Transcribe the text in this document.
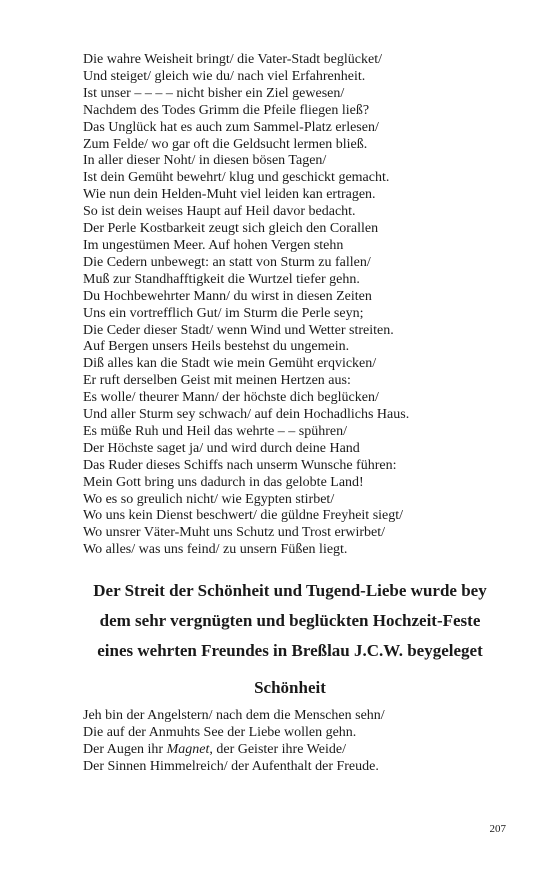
Die wahre Weisheit bringt/ die Vater-Stadt beglücket/
Und steiget/ gleich wie du/ nach viel Erfahrenheit.
Ist unser – – – – nicht bisher ein Ziel gewesen/
Nachdem des Todes Grimm die Pfeile fliegen ließ?
Das Unglück hat es auch zum Sammel-Platz erlesen/
Zum Felde/ wo gar oft die Geldsucht lermen bließ.
In aller dieser Noht/ in diesen bösen Tagen/
Ist dein Gemüht bewehrt/ klug und geschickt gemacht.
Wie nun dein Helden-Muht viel leiden kan ertragen.
So ist dein weises Haupt auf Heil davor bedacht.
Der Perle Kostbarkeit zeugt sich gleich den Corallen
Im ungestümen Meer. Auf hohen Vergen stehn
Die Cedern unbewegt: an statt von Sturm zu fallen/
Muß zur Standhafftigkeit die Wurtzel tiefer gehn.
Du Hochbewehrter Mann/ du wirst in diesen Zeiten
Uns ein vortrefflich Gut/ im Sturm die Perle seyn;
Die Ceder dieser Stadt/ wenn Wind und Wetter streiten.
Auf Bergen unsers Heils bestehst du ungemein.
Diß alles kan die Stadt wie mein Gemüht erqvicken/
Er ruft derselben Geist mit meinen Hertzen aus:
Es wolle/ theurer Mann/ der höchste dich beglücken/
Und aller Sturm sey schwach/ auf dein Hochadlichs Haus.
Es müße Ruh und Heil das wehrte – – spühren/
Der Höchste saget ja/ und wird durch deine Hand
Das Ruder dieses Schiffs nach unserm Wunsche führen:
Mein Gott bring uns dadurch in das gelobte Land!
Wo es so greulich nicht/ wie Egypten stirbet/
Wo uns kein Dienst beschwert/ die güldne Freyheit siegt/
Wo unsrer Väter-Muht uns Schutz und Trost erwirbet/
Wo alles/ was uns feind/ zu unsern Füßen liegt.
Der Streit der Schönheit und Tugend-Liebe wurde bey
dem sehr vergnügten und beglückten Hochzeit-Feste
eines wehrten Freundes in Breßlau J.C.W. beygeleget
Schönheit
Jeh bin der Angelstern/ nach dem die Menschen sehn/
Die auf der Anmuhts See der Liebe wollen gehn.
Der Augen ihr Magnet, der Geister ihre Weide/
Der Sinnen Himmelreich/ der Aufenthalt der Freude.
207
